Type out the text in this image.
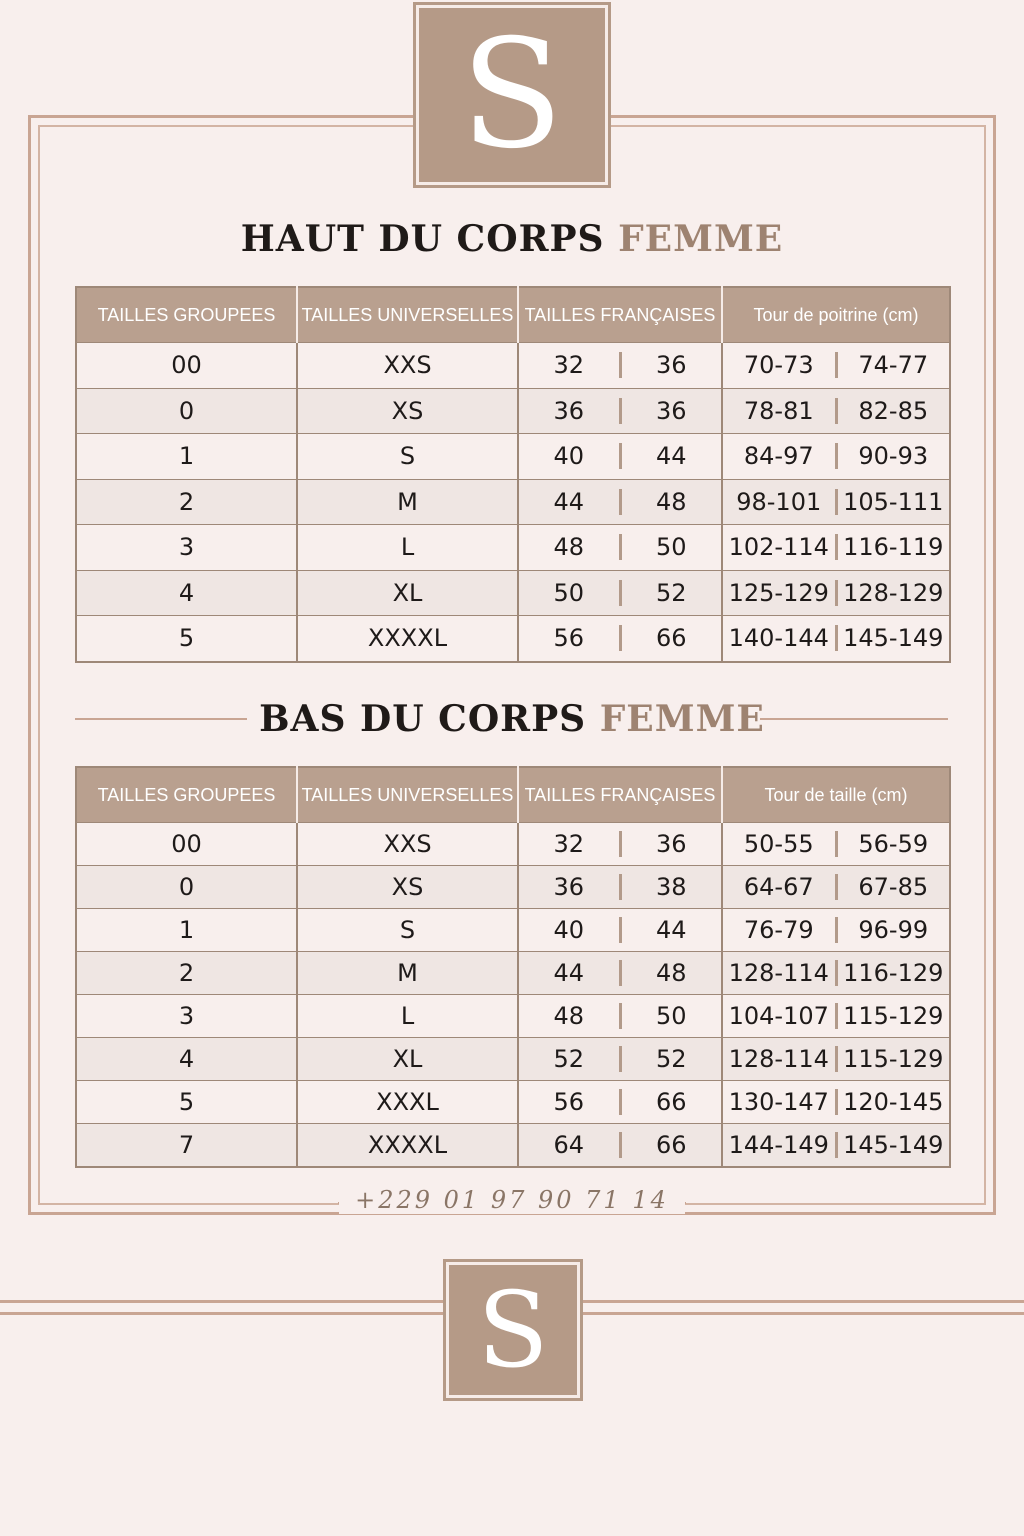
S
HAUT DU CORPS FEMME
TAILLES GROUPEES	TAILLES UNIVERSELLES	TAILLES FRANÇAISES	Tour de poitrine (cm)
00	XXS	32 36	70-73 74-77

0	XS	36 36	78-81 82-85

1	S	40 44	84-97 90-93

2	M	44 48	98-101 105-111

3	L	48 50	102-114 116-119

4	XL	50 52	125-129 128-129

5	XXXXL	56 66	140-144 145-149
BAS DU CORPS FEMME
TAILLES GROUPEES	TAILLES UNIVERSELLES	TAILLES FRANÇAISES	Tour de taille (cm)
00	XXS	32 36	50-55 56-59

0	XS	36 38	64-67 67-85

1	S	40 44	76-79 96-99

2	M	44 48	128-114 116-129

3	L	48 50	104-107 115-129

4	XL	52 52	128-114 115-129

5	XXXL	56 66	130-147 120-145

7	XXXXL	64 66	144-149 145-149
+229 01 97 90 71 14
S
